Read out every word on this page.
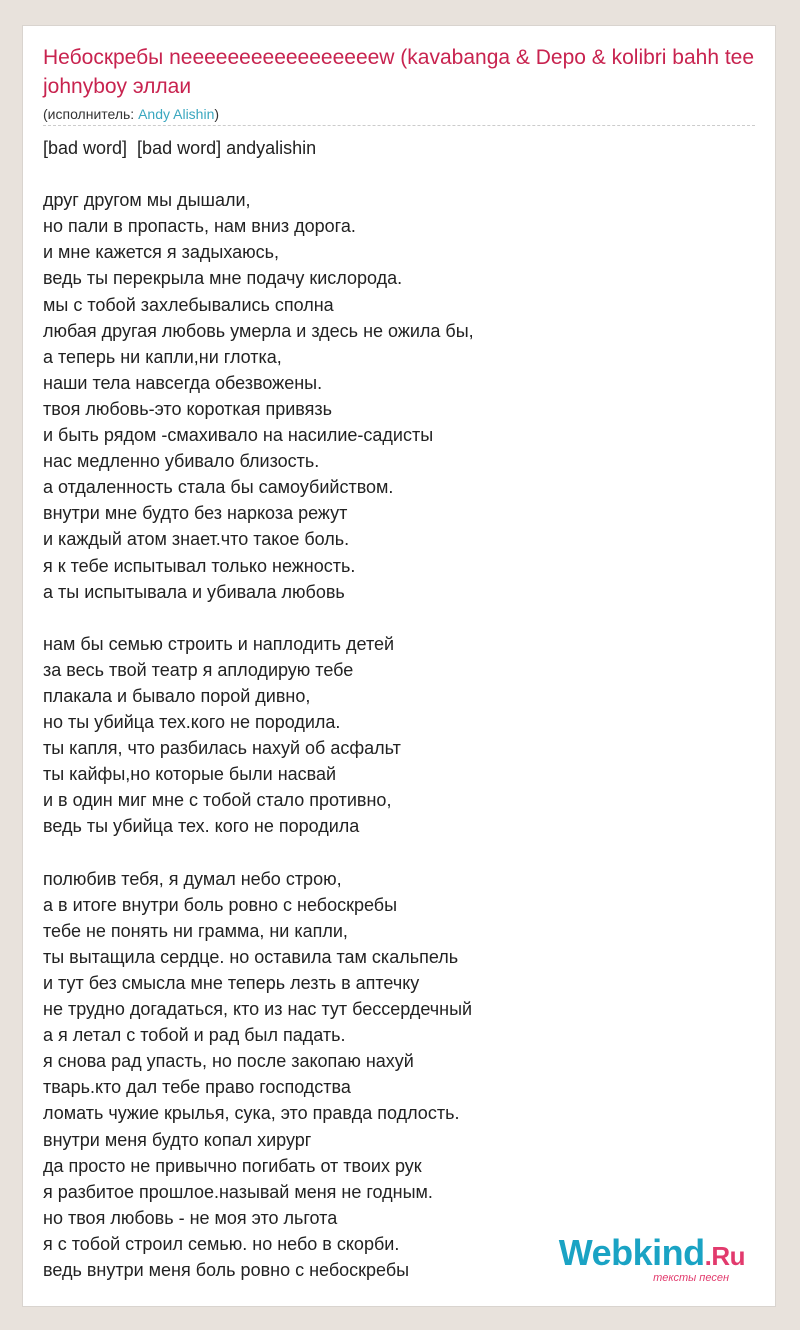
Небоскребы neeeeeeeeeeeeeeeeew (kavabanga & Depo & kolibri bahh tee johnyboy эллаи
(исполнитель: Andy Alishin)
[bad word]  [bad word] andyalishin
друг другом мы дышали,
но пали в пропасть, нам вниз дорога.
и мне кажется я задыхаюсь,
ведь ты перекрыла мне подачу кислорода.
мы с тобой захлебывались сполна
любая другая любовь умерла и здесь не ожила бы,
а теперь ни капли,ни глотка,
наши тела навсегда обезвожены.
твоя любовь-это короткая привязь
и быть рядом -смахивало на насилие-садисты
нас медленно убивало близость.
а отдаленность стала бы самоубийством.
внутри мне будто без наркоза режут
и каждый атом знает.что такое боль.
я к тебе испытывал только нежность.
а ты испытывала и убивала любовь
нам бы семью строить и наплодить детей
за весь твой театр я аплодирую тебе
плакала и бывало порой дивно,
но ты убийца тех.кого не породила.
ты капля, что разбилась нахуй об асфальт
ты кайфы,но которые были насвай
и в один миг мне с тобой стало противно,
ведь ты убийца тех. кого не породила
полюбив тебя, я думал небо строю,
а в итоге внутри боль ровно с небоскребы
тебе не понять ни грамма, ни капли,
ты вытащила сердце. но оставила там скальпель
и тут без смысла мне теперь лезть в аптечку
не трудно догадаться, кто из нас тут бессердечный
а я летал с тобой и рад был падать.
я снова рад упасть, но после закопаю нахуй
тварь.кто дал тебе право господства
ломать чужие крылья, сука, это правда подлость.
внутри меня будто копал хирург
да просто не привычно погибать от твоих рук
я разбитое прошлое.называй меня не годным.
но твоя любовь - не моя это льгота
я с тобой строил семью. но небо в скорби.
ведь внутри меня боль ровно с небоскребы	Webkind.Ru
тексты песен
